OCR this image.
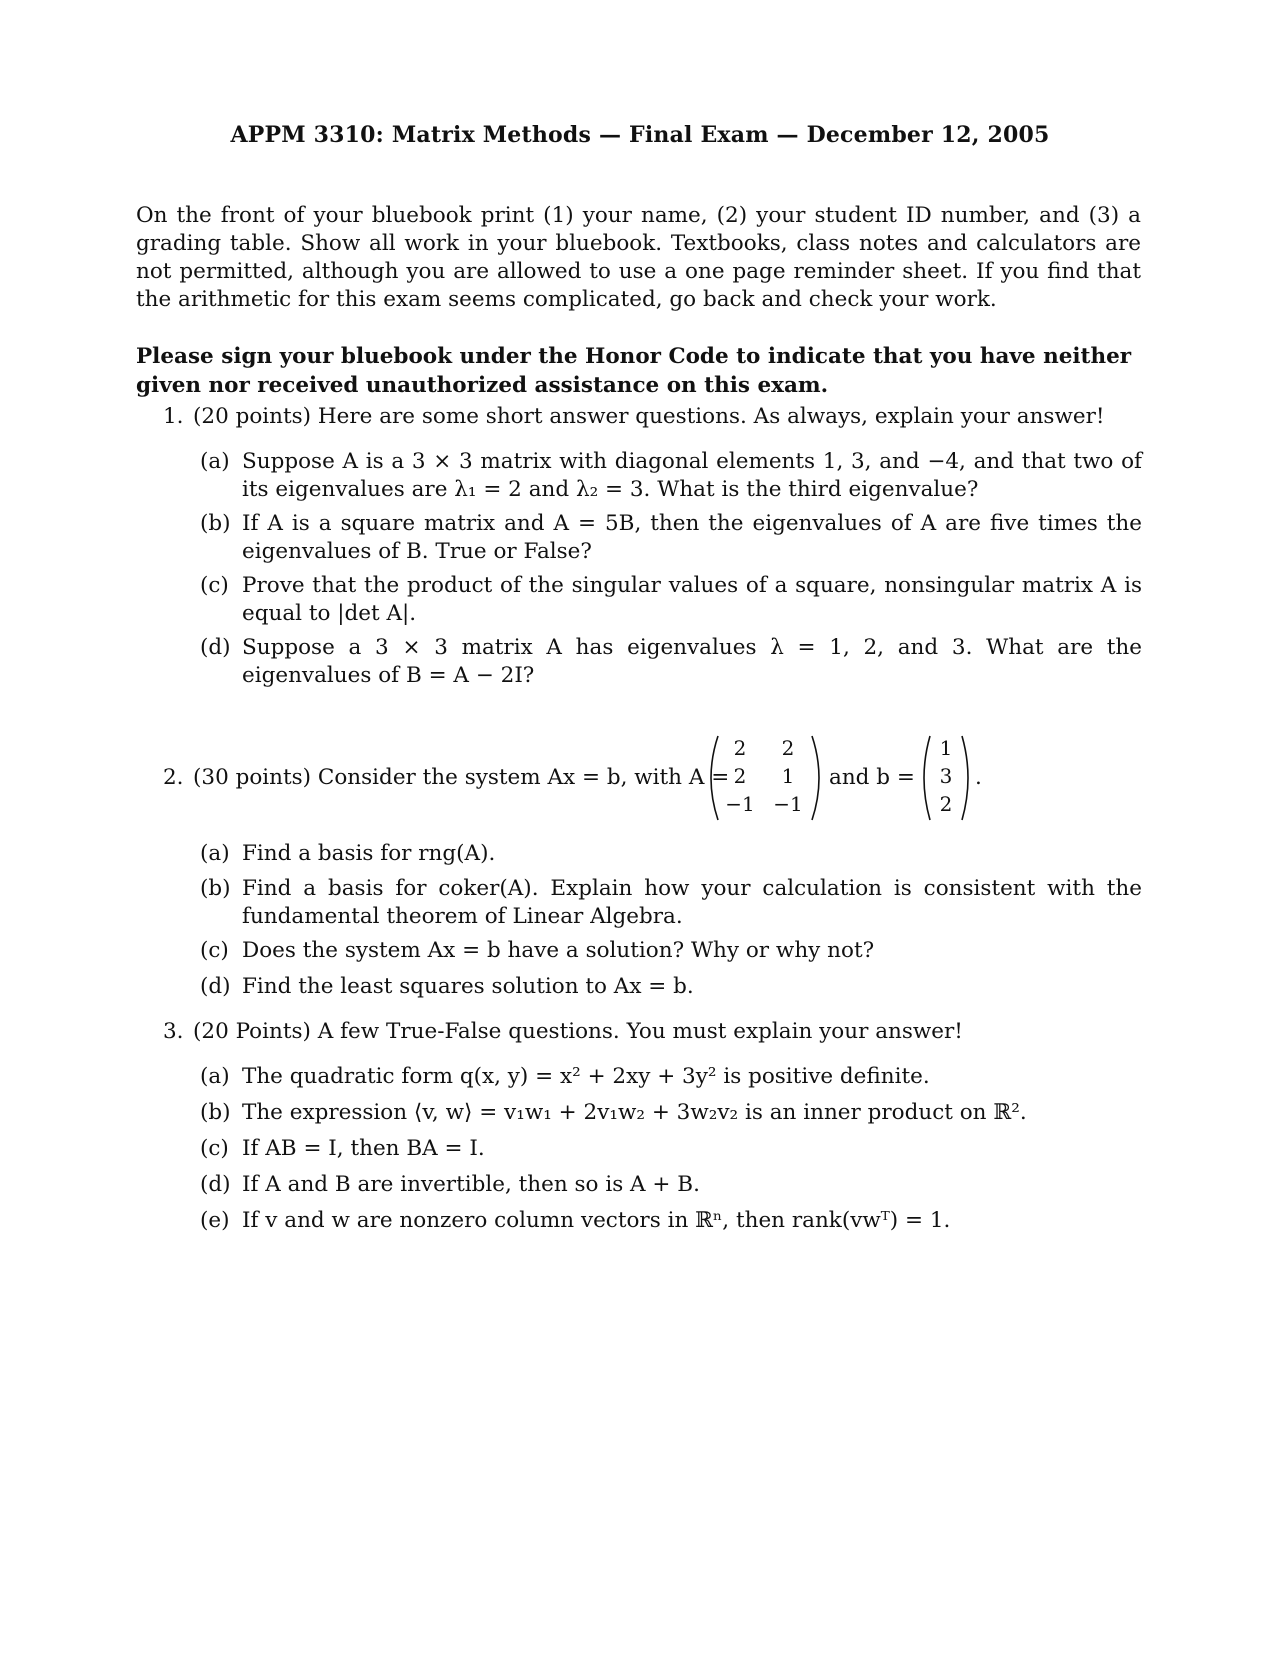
APPM 3310: Matrix Methods — Final Exam — December 12, 2005

On the front of your bluebook print (1) your name, (2) your student ID number, and (3) a grading table. Show all work in your bluebook. Textbooks, class notes and calculators are not permitted, although you are allowed to use a one page reminder sheet. If you find that the arithmetic for this exam seems complicated, go back and check your work.

Please sign your bluebook under the Honor Code to indicate that you have neither given nor received unauthorized assistance on this exam.

1. (20 points) Here are some short answer questions. As always, explain your answer!
(a) Suppose A is a 3 × 3 matrix with diagonal elements 1, 3, and −4, and that two of its eigenvalues are λ₁ = 2 and λ₂ = 3. What is the third eigenvalue?
(b) If A is a square matrix and A = 5B, then the eigenvalues of A are five times the eigenvalues of B. True or False?
(c) Prove that the product of the singular values of a square, nonsingular matrix A is equal to |det A|.
(d) Suppose a 3 × 3 matrix A has eigenvalues λ = 1, 2, and 3. What are the eigenvalues of B = A − 2I?
2. (30 points) Consider the system Ax = b, with A =
2	2
2	1
−1 −1
and b =
1
3
2
.
(a) Find a basis for rng(A).
(b) Find a basis for coker(A). Explain how your calculation is consistent with the fundamental theorem of Linear Algebra.
(c) Does the system Ax = b have a solution? Why or why not?
(d) Find the least squares solution to Ax = b.
3. (20 Points) A few True-False questions. You must explain your answer!
(a) The quadratic form q(x, y) = x² + 2xy + 3y² is positive definite.
(b) The expression ⟨v, w⟩ = v₁w₁ + 2v₁w₂ + 3w₂v₂ is an inner product on ℝ².
(c) If AB = I, then BA = I.
(d) If A and B are invertible, then so is A + B.
(e) If v and w are nonzero column vectors in ℝⁿ, then rank(vwᵀ) = 1.
